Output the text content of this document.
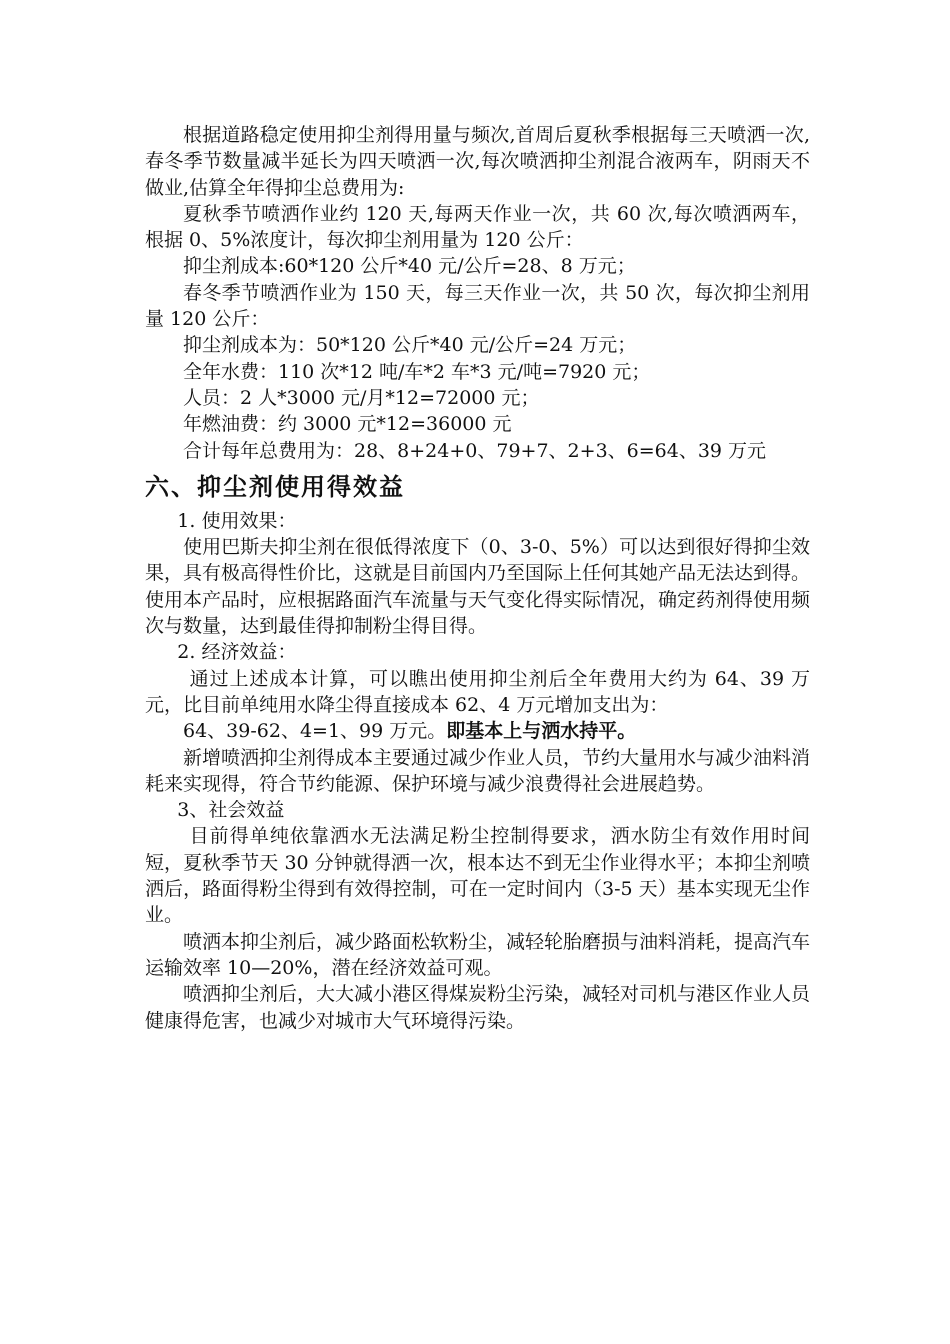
根据道路稳定使用抑尘剂得用量与频次,首周后夏秋季根据每三天喷洒一次,春冬季节数量减半延长为四天喷洒一次,每次喷洒抑尘剂混合液两车，阴雨天不做业,估算全年得抑尘总费用为:

夏秋季节喷洒作业约 120 天,每两天作业一次，共 60 次,每次喷洒两车，根据 0、5%浓度计，每次抑尘剂用量为 120 公斤：

抑尘剂成本:60*120 公斤*40 元/公斤=28、8 万元；

春冬季节喷洒作业为 150 天，每三天作业一次，共 50 次，每次抑尘剂用量 120 公斤：

抑尘剂成本为：50*120 公斤*40 元/公斤=24 万元；

全年水费：110 次*12 吨/车*2 车*3 元/吨=7920 元；

人员：2 人*3000 元/月*12=72000 元；

年燃油费：约 3000 元*12=36000 元

合计每年总费用为：28、8+24+0、79+7、2+3、6=64、39 万元

六、抑尘剂使用得效益

1. 使用效果：

使用巴斯夫抑尘剂在很低得浓度下（0、3-0、5%）可以达到很好得抑尘效果，具有极高得性价比，这就是目前国内乃至国际上任何其她产品无法达到得。使用本产品时，应根据路面汽车流量与天气变化得实际情况，确定药剂得使用频次与数量，达到最佳得抑制粉尘得目得。

2. 经济效益：

通过上述成本计算，可以瞧出使用抑尘剂后全年费用大约为 64、39 万元，比目前单纯用水降尘得直接成本 62、4 万元增加支出为：

64、39-62、4=1、99 万元。即基本上与洒水持平。

新增喷洒抑尘剂得成本主要通过减少作业人员，节约大量用水与减少油料消耗来实现得，符合节约能源、保护环境与减少浪费得社会进展趋势。

3、社会效益

目前得单纯依靠洒水无法满足粉尘控制得要求，洒水防尘有效作用时间短，夏秋季节天 30 分钟就得洒一次，根本达不到无尘作业得水平；本抑尘剂喷洒后，路面得粉尘得到有效得控制，可在一定时间内（3-5 天）基本实现无尘作业。

喷洒本抑尘剂后，减少路面松软粉尘，减轻轮胎磨损与油料消耗，提高汽车运输效率 10—20%，潜在经济效益可观。

喷洒抑尘剂后，大大减小港区得煤炭粉尘污染，减轻对司机与港区作业人员健康得危害，也减少对城市大气环境得污染。
